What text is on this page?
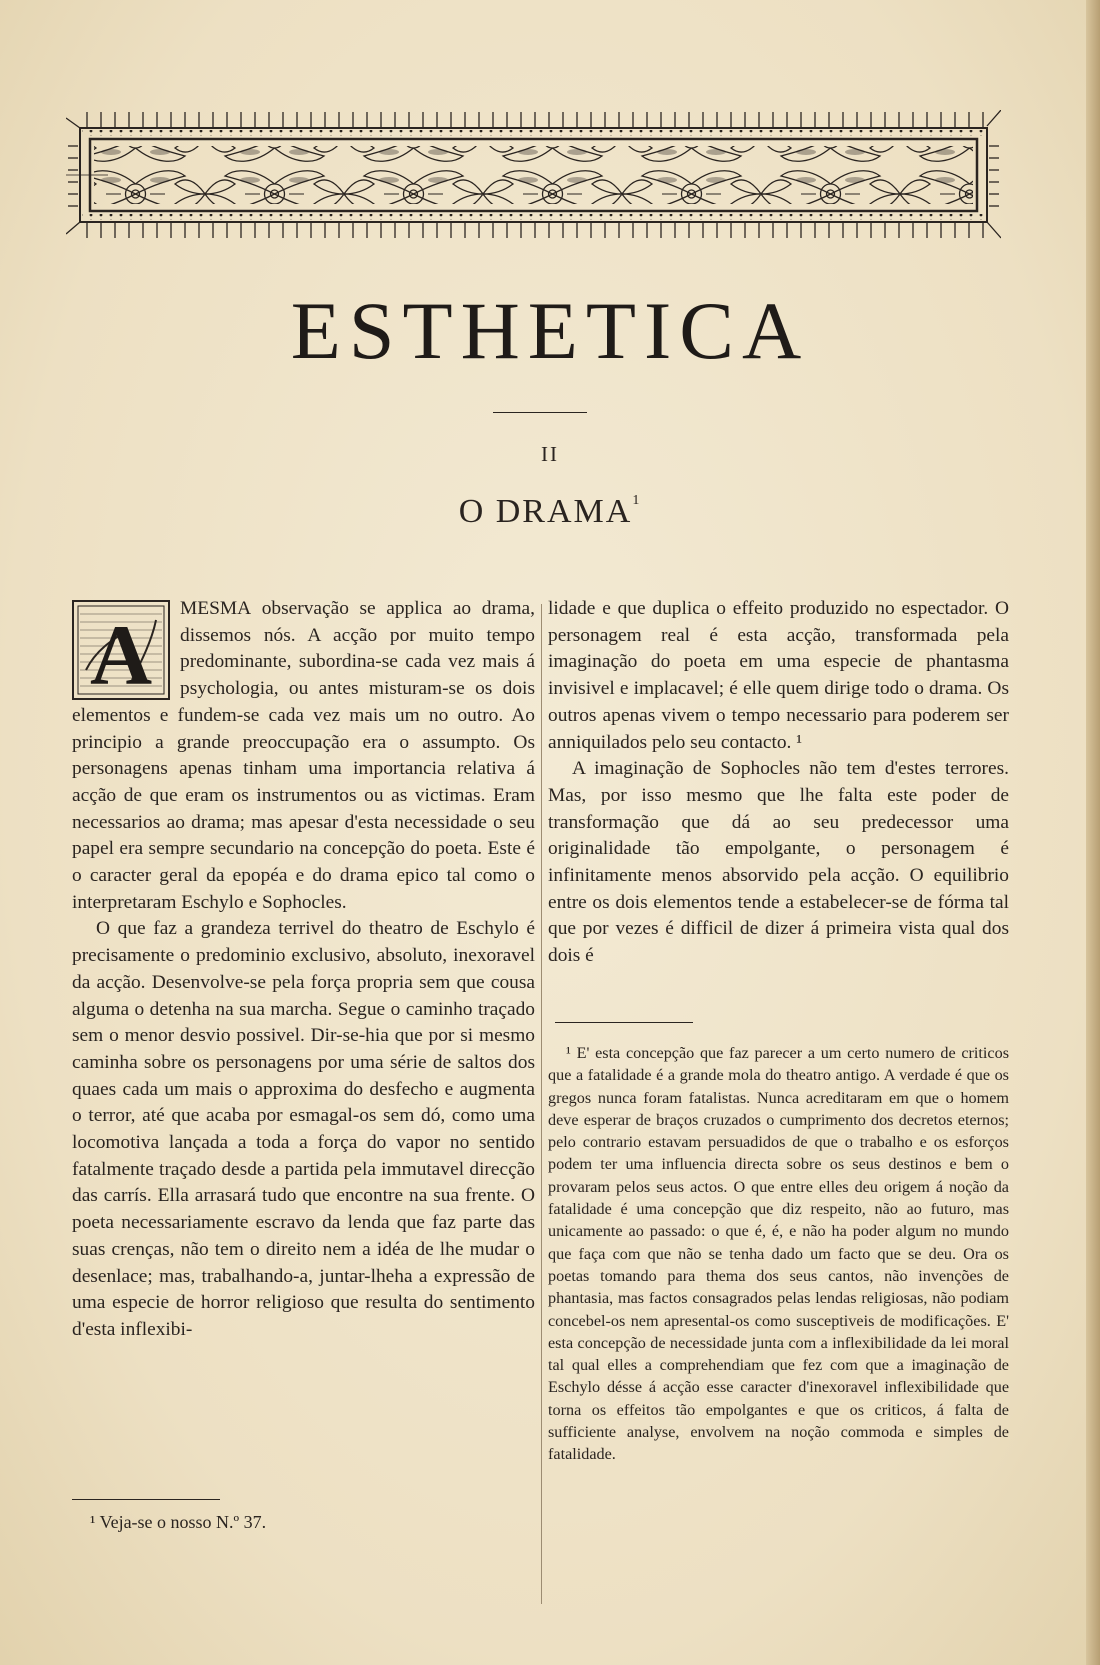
ESTHETICA
II
O DRAMA$^1$
A	MESMA observação se applica ao drama, dissemos nós. A acção por muito tempo predominante, subordina-se cada vez mais á psychologia, ou antes misturam-se os dois elementos e fundem-se cada vez mais um no outro. Ao principio a grande preoccupação era o assumpto. Os personagens apenas tinham uma importancia relativa á acção de que eram os instrumentos ou as victimas. Eram necessarios ao drama; mas apesar d'esta necessidade o seu papel era sempre secundario na concepção do poeta. Este é o caracter geral da epopéa e do drama epico tal como o interpretaram Eschylo e Sophocles.

O que faz a grandeza terrivel do theatro de Eschylo é precisamente o predominio exclusivo, absoluto, inexoravel da acção. Desenvolve-se pela força propria sem que cousa alguma o detenha na sua marcha. Segue o caminho traçado sem o menor desvio possivel. Dir-se-hia que por si mesmo caminha sobre os personagens por uma série de saltos dos quaes cada um mais o approxima do desfecho e augmenta o terror, até que acaba por esmagal-os sem dó, como uma locomotiva lançada a toda a força do vapor no sentido fatalmente traçado desde a partida pela immutavel direcção das carrís. Ella arrasará tudo que encontre na sua frente. O poeta necessariamente escravo da lenda que faz parte das suas crenças, não tem o direito nem a idéa de lhe mudar o desenlace; mas, trabalhando-a, juntar-lheha a expressão de uma especie de horror religioso que resulta do sentimento d'esta inflexibi-

lidade e que duplica o effeito produzido no espectador. O personagem real é esta acção, transformada pela imaginação do poeta em uma especie de phantasma invisivel e implacavel; é elle quem dirige todo o drama. Os outros apenas vivem o tempo necessario para poderem ser anniquilados pelo seu contacto. ¹

A imaginação de Sophocles não tem d'estes terrores. Mas, por isso mesmo que lhe falta este poder de transformação que dá ao seu predecessor uma originalidade tão empolgante, o personagem é infinitamente menos absorvido pela acção. O equilibrio entre os dois elementos tende a estabelecer-se de fórma tal que por vezes é difficil de dizer á primeira vista qual dos dois é

¹ Veja-se o nosso N.º 37.

¹ E' esta concepção que faz parecer a um certo numero de criticos que a fatalidade é a grande mola do theatro antigo. A verdade é que os gregos nunca foram fatalistas. Nunca acreditaram em que o homem deve esperar de braços cruzados o cumprimento dos decretos eternos; pelo contrario estavam persuadidos de que o trabalho e os esforços podem ter uma influencia directa sobre os seus destinos e bem o provaram pelos seus actos. O que entre elles deu origem á noção da fatalidade é uma concepção que diz respeito, não ao futuro, mas unicamente ao passado: o que é, é, e não ha poder algum no mundo que faça com que não se tenha dado um facto que se deu. Ora os poetas tomando para thema dos seus cantos, não invenções de phantasia, mas factos consagrados pelas lendas religiosas, não podiam concebel-os nem apresental-os como susceptiveis de modificações. E' esta concepção de necessidade junta com a inflexibilidade da lei moral tal qual elles a comprehendiam que fez com que a imaginação de Eschylo désse á acção esse caracter d'inexoravel inflexibilidade que torna os effeitos tão empolgantes e que os criticos, á falta de sufficiente analyse, envolvem na noção commoda e simples de fatalidade.
